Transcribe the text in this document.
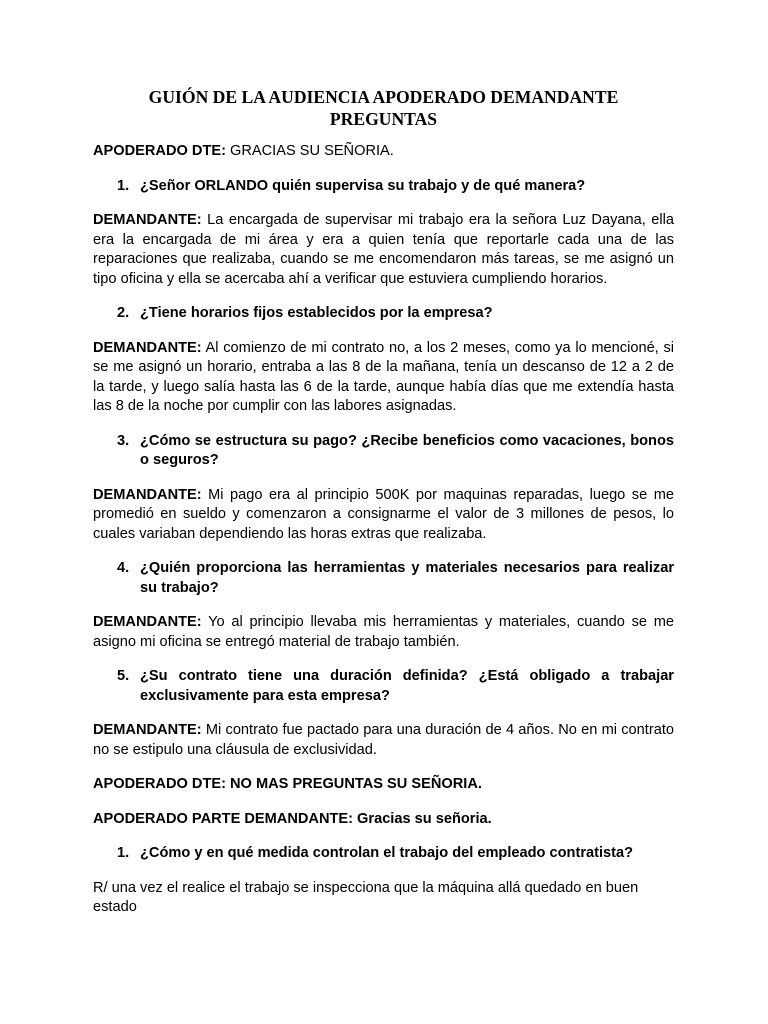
GUIÓN DE LA AUDIENCIA APODERADO DEMANDANTE
PREGUNTAS

APODERADO DTE: GRACIAS SU SEÑORIA.

1. ¿Señor ORLANDO quién supervisa su trabajo y de qué manera?

DEMANDANTE: La encargada de supervisar mi trabajo era la señora Luz Dayana, ella era la encargada de mi área y era a quien tenía que reportarle cada una de las reparaciones que realizaba, cuando se me encomendaron más tareas, se me asignó un tipo oficina y ella se acercaba ahí a verificar que estuviera cumpliendo horarios.

2. ¿Tiene horarios fijos establecidos por la empresa?

DEMANDANTE: Al comienzo de mi contrato no, a los 2 meses, como ya lo mencioné, si se me asignó un horario, entraba a las 8 de la mañana, tenía un descanso de 12 a 2 de la tarde, y luego salía hasta las 6 de la tarde, aunque había días que me extendía hasta las 8 de la noche por cumplir con las labores asignadas.

3. ¿Cómo se estructura su pago? ¿Recibe beneficios como vacaciones, bonos o seguros?

DEMANDANTE: Mi pago era al principio 500K por maquinas reparadas, luego se me promedió en sueldo y comenzaron a consignarme el valor de 3 millones de pesos, lo cuales variaban dependiendo las horas extras que realizaba.

4. ¿Quién proporciona las herramientas y materiales necesarios para realizar su trabajo?

DEMANDANTE: Yo al principio llevaba mis herramientas y materiales, cuando se me asigno mi oficina se entregó material de trabajo también.

5. ¿Su contrato tiene una duración definida? ¿Está obligado a trabajar exclusivamente para esta empresa?

DEMANDANTE: Mi contrato fue pactado para una duración de 4 años. No en mi contrato no se estipulo una cláusula de exclusividad.

APODERADO DTE: NO MAS PREGUNTAS SU SEÑORIA.

APODERADO PARTE DEMANDANTE: Gracias su señoria.

1. ¿Cómo y en qué medida controlan el trabajo del empleado contratista?

R/ una vez el realice el trabajo se inspecciona que la máquina allá quedado en buen estado
